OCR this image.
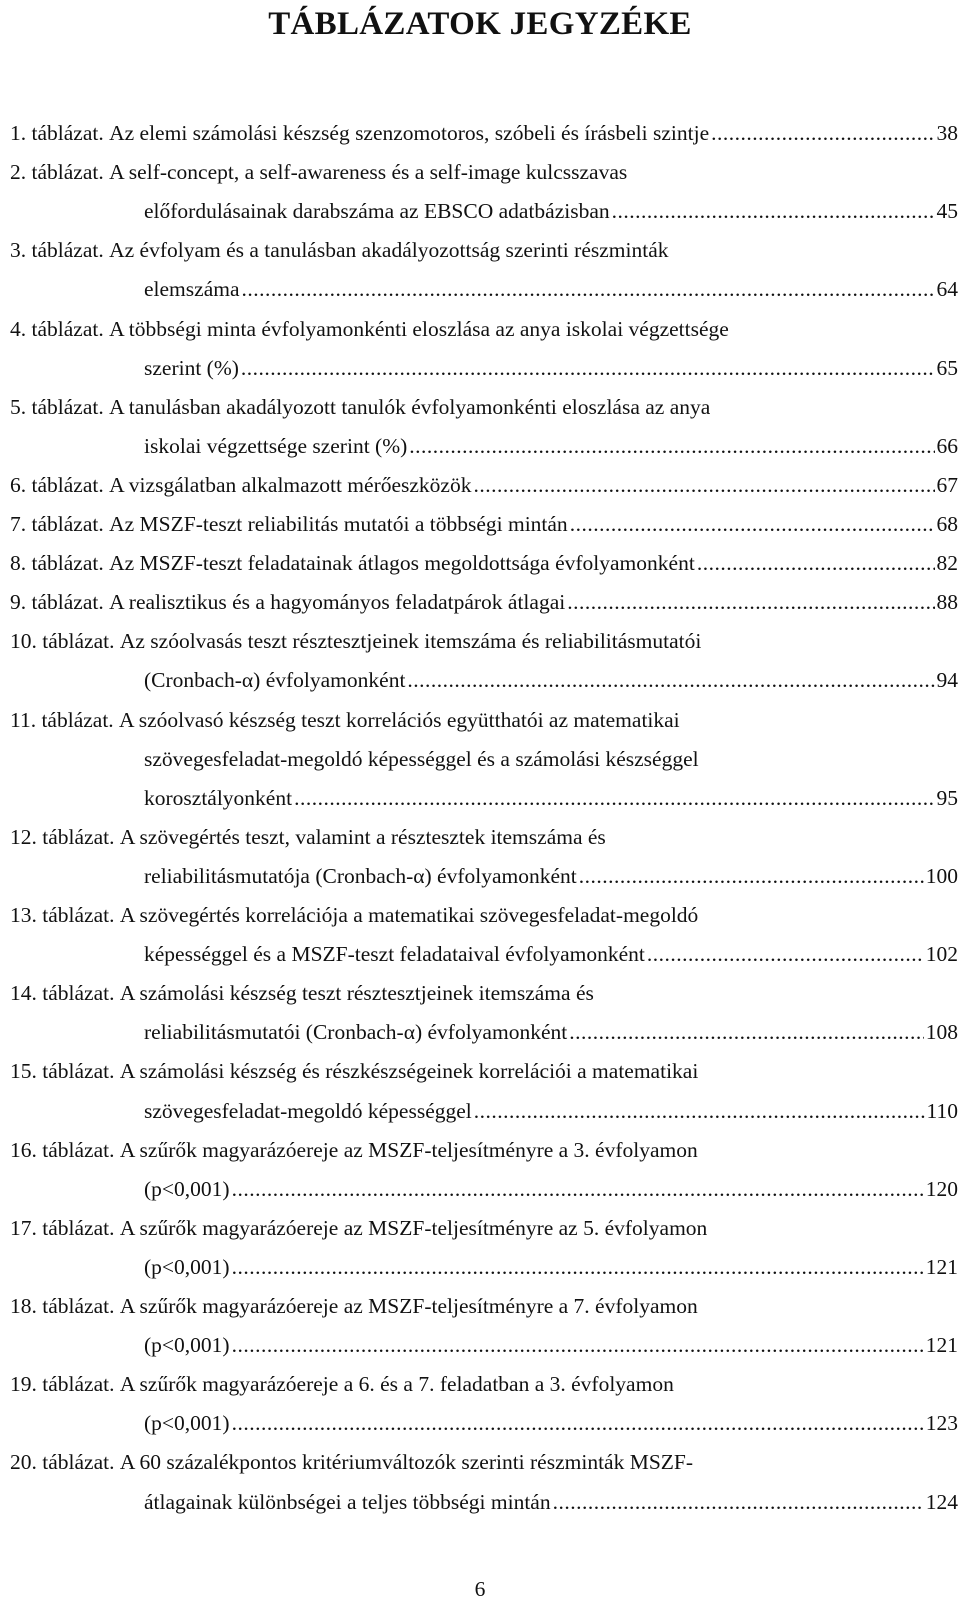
TÁBLÁZATOK JEGYZÉKE
1. táblázat.
Az elemi számolási készség szenzomotoros, szóbeli és írásbeli szintje .....	38
2. táblázat.
A self-concept, a self-awareness és a self-image kulcsszavas
előfordulásainak darabszáma az EBSCO adatbázisban .....	45
3. táblázat.
Az évfolyam és a tanulásban akadályozottság szerinti részminták
elemszáma .....	64
4. táblázat.
A többségi minta évfolyamonkénti eloszlása az anya iskolai végzettsége
szerint (%) .....	65
5. táblázat.
A tanulásban akadályozott tanulók évfolyamonkénti eloszlása az anya
iskolai végzettsége szerint (%) .....	66
6. táblázat.
A vizsgálatban alkalmazott mérőeszközök .....	67
7. táblázat.
Az MSZF-teszt reliabilitás mutatói a többségi mintán .....	68
8. táblázat.
Az MSZF-teszt feladatainak átlagos megoldottsága évfolyamonként .....	82
9. táblázat.
A realisztikus és a hagyományos feladatpárok átlagai .....	88
10. táblázat.
Az szóolvasás teszt résztesztjeinek itemszáma és reliabilitásmutatói
(Cronbach-α) évfolyamonként .....	94
11. táblázat.
A szóolvasó készség teszt korrelációs együtthatói az matematikai
szövegesfeladat-megoldó képességgel és a számolási készséggel
korosztályonként .....	95
12. táblázat.
A szövegértés teszt, valamint a résztesztek itemszáma és
reliabilitásmutatója (Cronbach-α) évfolyamonként .....	100
13. táblázat.
A szövegértés korrelációja a matematikai szövegesfeladat-megoldó
képességgel és a MSZF-teszt feladataival évfolyamonként .....	102
14. táblázat.
A számolási készség teszt résztesztjeinek itemszáma és
reliabilitásmutatói (Cronbach-α) évfolyamonként .....	108
15. táblázat.
A számolási készség és részkészségeinek korrelációi a matematikai
szövegesfeladat-megoldó képességgel .....	110
16. táblázat.
A szűrők magyarázóereje az MSZF-teljesítményre a 3. évfolyamon
(p<0,001) .....	120
17. táblázat.
A szűrők magyarázóereje az MSZF-teljesítményre az 5. évfolyamon
(p<0,001) .....	121
18. táblázat.
A szűrők magyarázóereje az MSZF-teljesítményre a 7. évfolyamon
(p<0,001) .....	121
19. táblázat.
A szűrők magyarázóereje a 6. és a 7. feladatban a 3. évfolyamon
(p<0,001) .....	123
20. táblázat.
A 60 százalékpontos kritériumváltozók szerinti részminták MSZF-
átlagainak különbségei a teljes többségi mintán .....	124
6
